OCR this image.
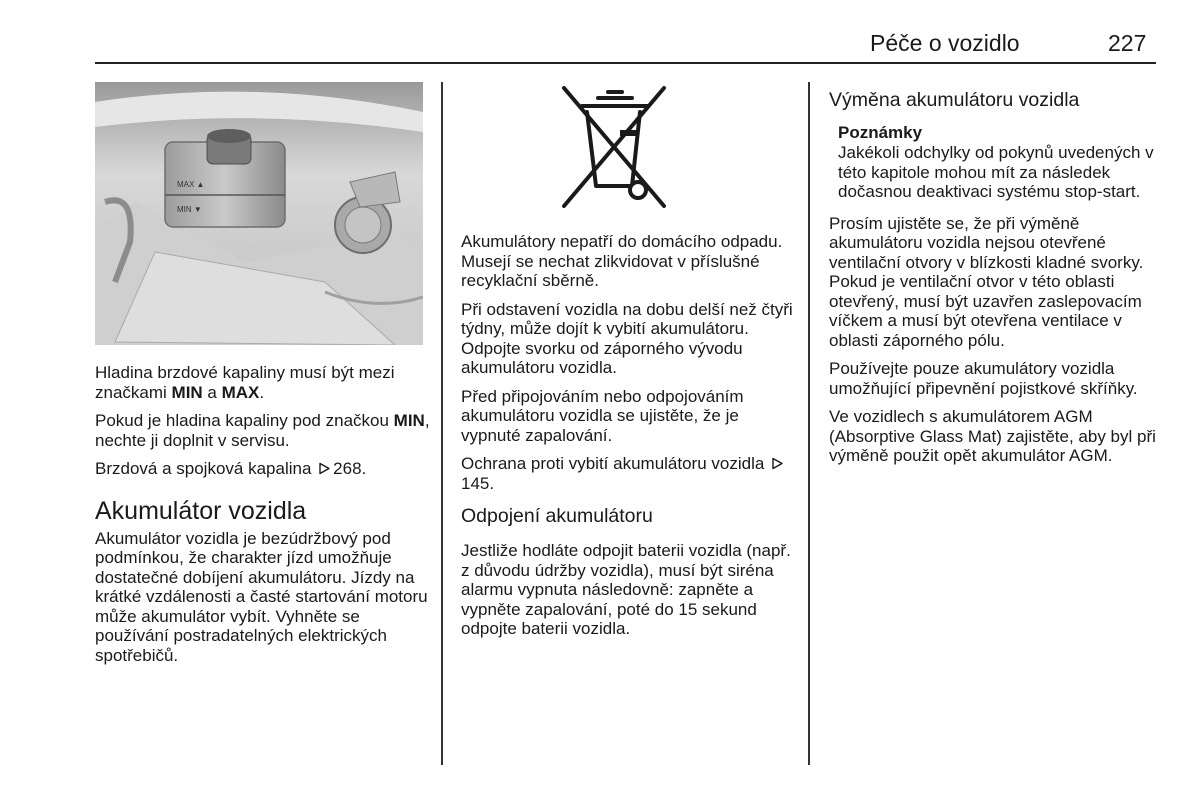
Péče o vozidlo	227
MAX ▲
MIN ▼

Hladina brzdové kapaliny musí být mezi značkami MIN a MAX.

Pokud je hladina kapaliny pod značkou MIN, nechte ji doplnit v servisu.

Brzdová a spojková kapalina 268.

Akumulátor vozidla

Akumulátor vozidla je bezúdržbový pod podmínkou, že charakter jízd umožňuje dostatečné dobíjení akumulátoru. Jízdy na krátké vzdálenosti a časté startování motoru může akumulátor vybít. Vyhněte se používání postradatelných elektrických spotřebičů.

Akumulátory nepatří do domácího odpadu. Musejí se nechat zlikvidovat v příslušné recyklační sběrně.

Při odstavení vozidla na dobu delší než čtyři týdny, může dojít k vybití akumulátoru. Odpojte svorku od záporného vývodu akumulátoru vozidla.

Před připojováním nebo odpojováním akumulátoru vozidla se ujistěte, že je vypnuté zapalování.

Ochrana proti vybití akumulátoru vozidla 145.

Odpojení akumulátoru

Jestliže hodláte odpojit baterii vozidla (např. z důvodu údržby vozidla), musí být siréna alarmu vypnuta následovně: zapněte a vypněte zapalování, poté do 15 sekund odpojte baterii vozidla.

Výměna akumulátoru vozidla
Poznámky
Jakékoli odchylky od pokynů uvedených v této kapitole mohou mít za následek dočasnou deaktivaci systému stop-start.

Prosím ujistěte se, že při výměně akumulátoru vozidla nejsou otevřené ventilační otvory v blízkosti kladné svorky. Pokud je ventilační otvor v této oblasti otevřený, musí být uzavřen zaslepovacím víčkem a musí být otevřena ventilace v oblasti záporného pólu.

Používejte pouze akumulátory vozidla umožňující připevnění pojistkové skříňky.

Ve vozidlech s akumulátorem AGM (Absorptive Glass Mat) zajistěte, aby byl při výměně použit opět akumulátor AGM.
